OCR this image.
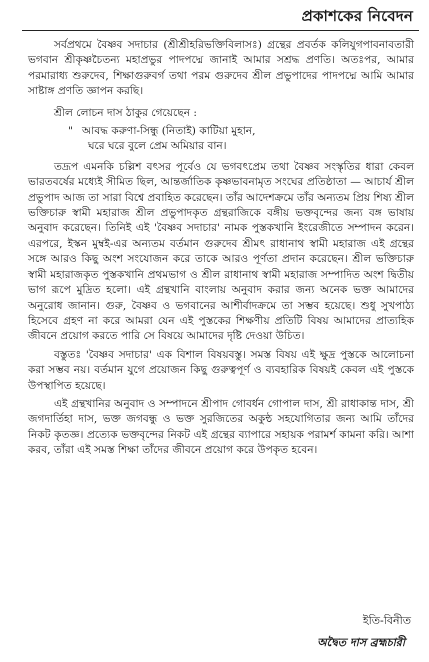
প্রকাশকের নিবেদন

সর্বপ্রথমে বৈষ্ণব সদাচার (শ্রীশ্রীহরিভক্তিবিলাসঃ) গ্রন্থের প্রবর্তক কলিযুগপাবনাবতারী ভগবান শ্রীকৃষ্ণচৈতন্য মহাপ্রভুর পাদপদ্মে জানাই আমার সশ্রদ্ধ প্রণতি। অতঃপর, আমার পরমারাধ্য শুরুদেব, শিক্ষাগুরুবর্গ তথা পরম গুরুদেব শ্রীল প্রভুপাদের পাদপদ্মে আমি আমার সাষ্টাঙ্গ প্রণতি জ্ঞাপন করছি।

শ্রীল লোচন দাস ঠাকুর গেয়েছেন :
" আবদ্ধ করুণা-সিন্ধু (নিতাই) কাটিয়া মুহান,
ঘরে ঘরে বুলে প্রেম অমিয়ার বান।

তদ্রূপ এমনকি চল্লিশ বৎসর পূর্বেও যে ভগবৎপ্রেম তথা বৈষ্ণব সংস্কৃতির ধারা কেবল ভারতবর্ষের মধ্যেই সীমিত ছিল, আন্তর্জাতিক কৃষ্ণভাবনামৃত সংঘের প্রতিষ্ঠাতা — আচার্য শ্রীল প্রভুপাদ আজ তা সারা বিশ্বে প্রবাহিত করেছেন। তাঁর আদেশক্রমে তাঁর অন্যতম প্রিয় শিষ্য শ্রীল ভক্তিচারু স্বামী মহারাজ শ্রীল প্রভুপাদকৃত গ্রন্থরাজিকে বঙ্গীয় ভক্তবৃন্দের জন্য বঙ্গ ভাষায় অনুবাদ করেছেন। তিনিই এই 'বৈষ্ণব সদাচার' নামক পুস্তকখানি ইংরেজীতে সম্পাদন করেন। এরপরে, ইস্কন মুম্বই-এর অন্যতম বর্তমান গুরুদেব শ্রীমৎ রাধানাথ স্বামী মহারাজ এই গ্রন্থের সঙ্গে আরও কিছু অংশ সংযোজন করে তাকে আরও পূর্ণতা প্রদান করেছেন। শ্রীল ভক্তিচারু স্বামী মহারাজকৃত পুস্তকখানি প্রথমভাগ ও শ্রীল রাধানাথ স্বামী মহারাজ সম্পাদিত অংশ দ্বিতীয় ভাগ রূপে মুদ্রিত হলো। এই গ্রন্থখানি বাংলায় অনুবাদ করার জন্য অনেক ভক্ত আমাদের অনুরোধ জানান। গুরু, বৈষ্ণব ও ভগবানের আশীর্বাদক্রমে তা সম্ভব হয়েছে। শুধু সুখপাঠ্য হিসেবে গ্রহণ না করে আমরা যেন এই পুস্তকের শিক্ষণীয় প্রতিটি বিষয় আমাদের প্রাত্যহিক জীবনে প্রয়োগ করতে পারি সে বিষয়ে আমাদের দৃষ্টি দেওয়া উচিত।

বস্তুতঃ 'বৈষ্ণব সদাচার' এক বিশাল বিষয়বস্তু। সমস্ত বিষয় এই ক্ষুদ্র পুস্তকে আলোচনা করা সম্ভব নয়। বর্তমান যুগে প্রয়োজন কিছু গুরুত্বপূর্ণ ও ব্যবহারিক বিষয়ই কেবল এই পুস্তকে উপস্থাপিত হয়েছে।

এই গ্রন্থখানির অনুবাদ ও সম্পাদনে শ্রীপাদ গোবর্ধন গোপাল দাস, শ্রী রাধাকান্ত দাস, শ্রী জগদার্তিহা দাস, ভক্ত জগবন্ধু ও ভক্ত সুরজিতের অকুন্ঠ সহযোগিতার জন্য আমি তাঁদের নিকট কৃতজ্ঞ। প্রত্যেক ভক্তবৃন্দের নিকট এই গ্রন্থের ব্যাপারে সহায়ক পরামর্শ কামনা করি। আশা করব, তাঁরা এই সমস্ত শিক্ষা তাঁদের জীবনে প্রয়োগ করে উপকৃত হবেন।

ইতি-বিনীত
অদ্বৈত দাস ব্রহ্মচারী
